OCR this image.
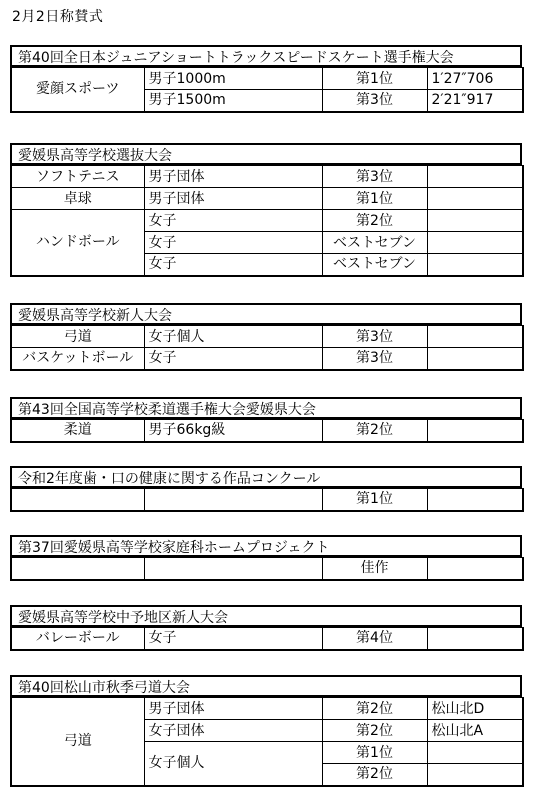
2月2日称賛式
第40回全日本ジュニアショートトラックスピードスケート選手権大会
愛顔スポーツ	男子1000m	第1位	1′27″706
	男子1500m	第3位	2′21″917
愛媛県高等学校選抜大会
ソフトテニス	男子団体	第3位	
卓球	男子団体	第1位	
ハンドボール	女子	第2位	
	女子	ベストセブン	
	女子	ベストセブン	
愛媛県高等学校新人大会
弓道	女子個人	第3位	
バスケットボール	女子	第3位	
第43回全国高等学校柔道選手権大会愛媛県大会
柔道	男子66kg級	第2位	
令和2年度歯・口の健康に関する作品コンクール
		第1位	
第37回愛媛県高等学校家庭科ホームプロジェクト
		佳作	
愛媛県高等学校中予地区新人大会
バレーボール	女子	第4位	
第40回松山市秋季弓道大会
弓道	男子団体	第2位	松山北D
	女子団体	第2位	松山北A
	女子個人	第1位	
		第2位	
